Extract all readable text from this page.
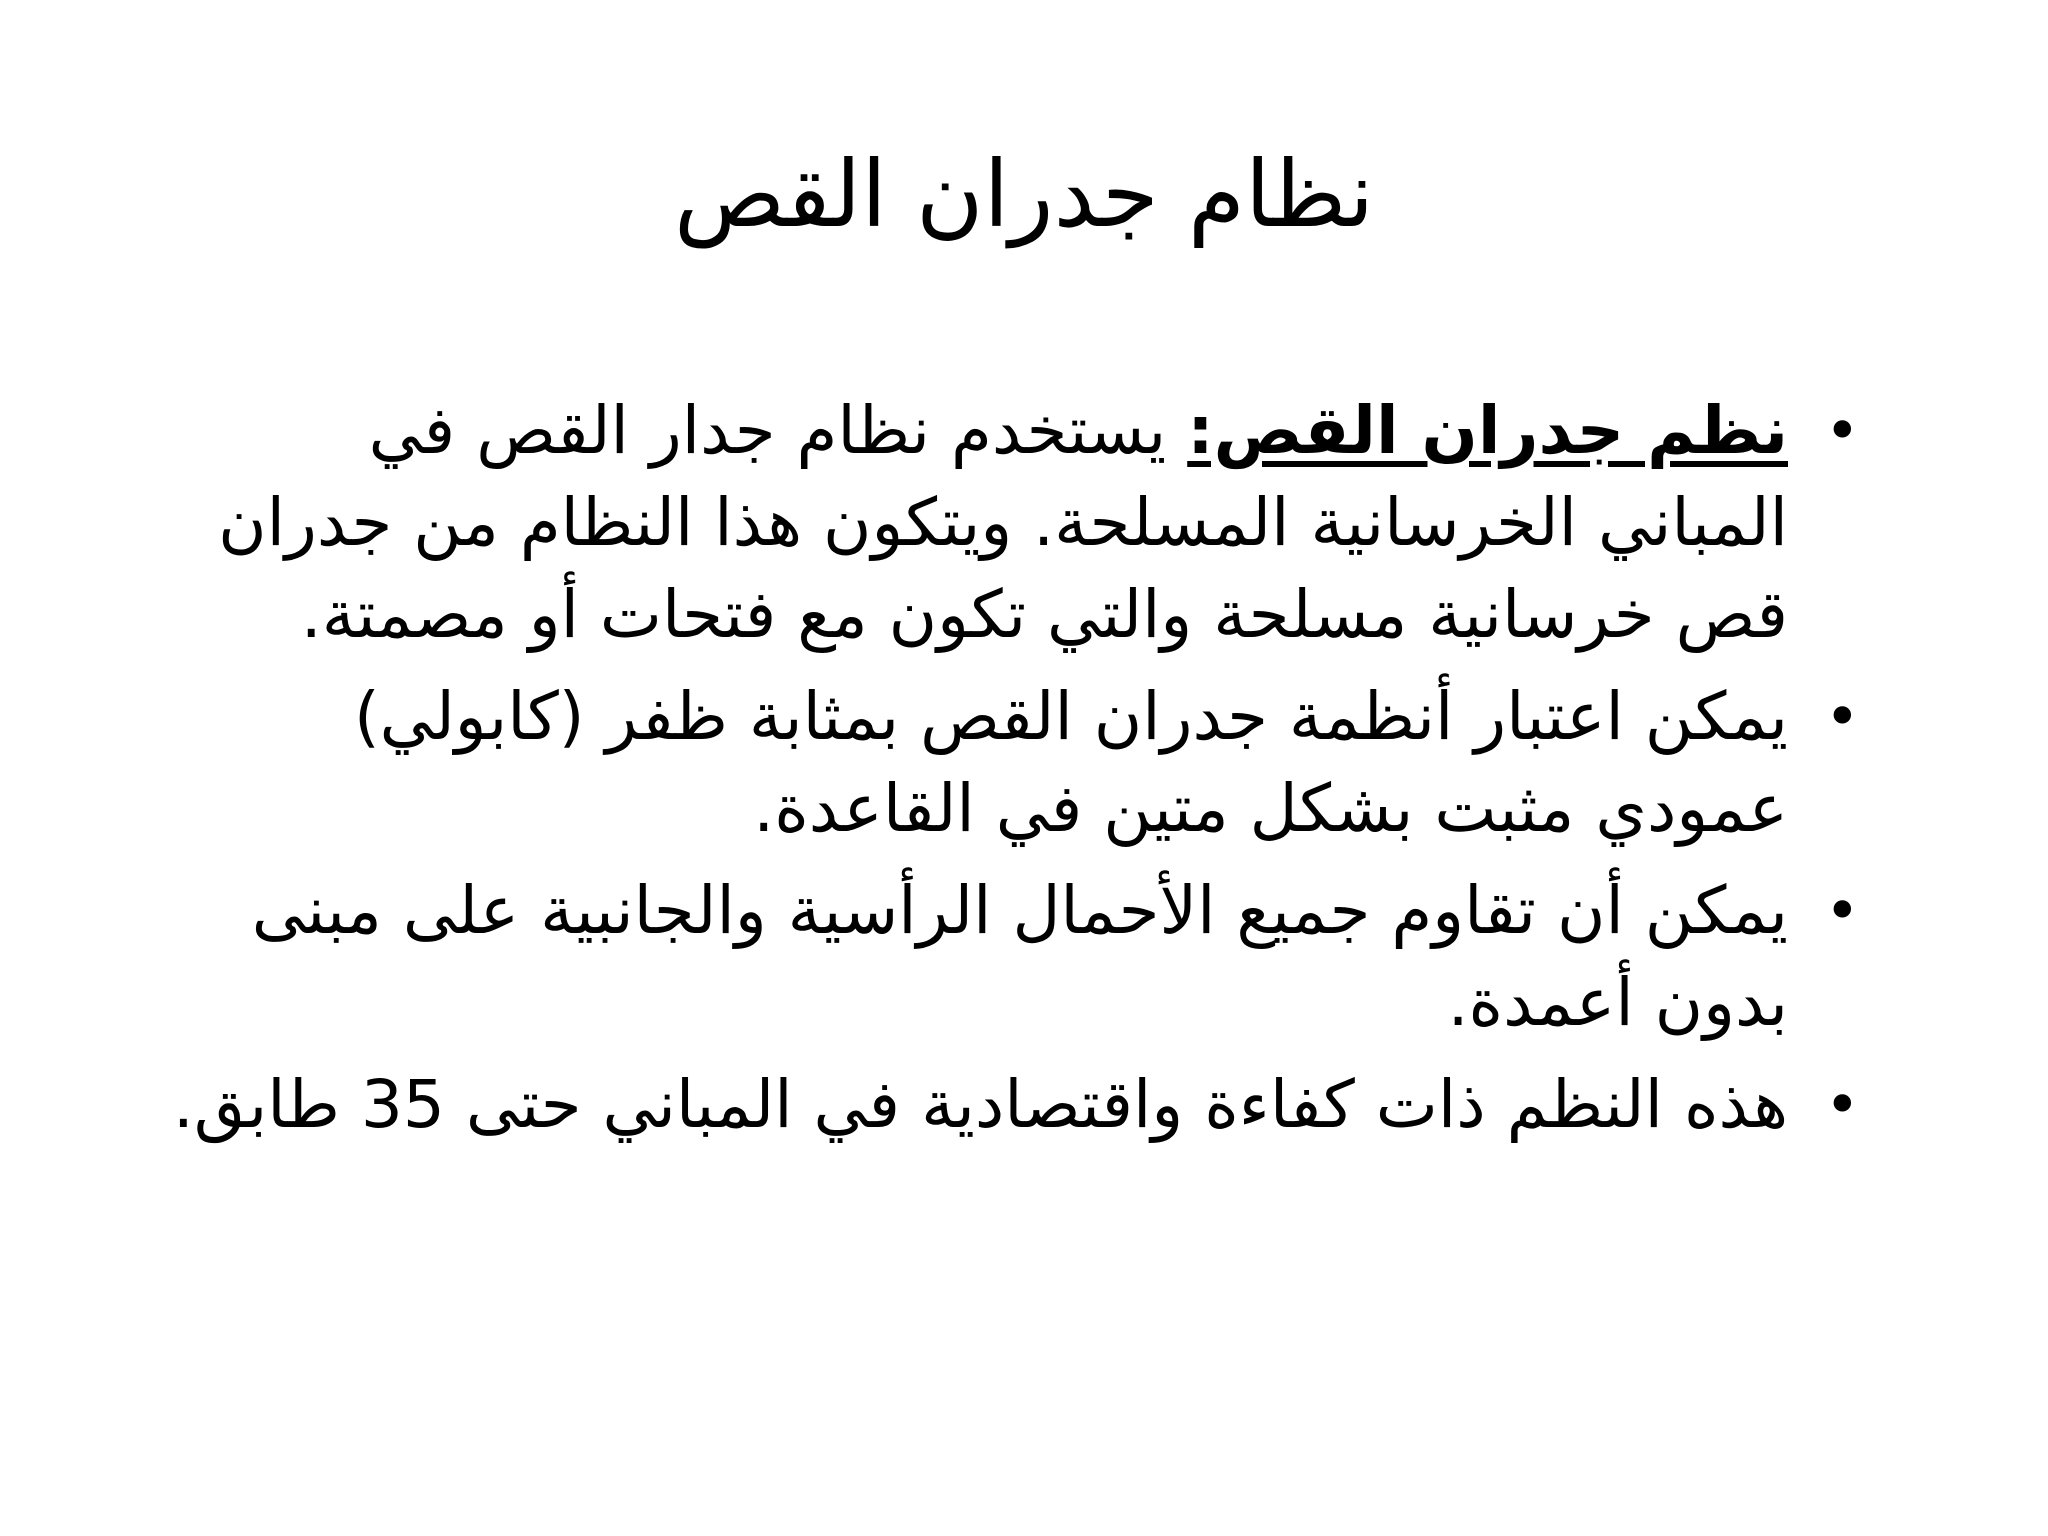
نظام جدران القص
•
نظم جدران القص: يستخدم نظام جدار القص في المباني الخرسانية المسلحة. ويتكون هذا النظام من جدران قص خرسانية مسلحة والتي تكون مع فتحات أو مصمتة.
•
يمكن اعتبار أنظمة جدران القص بمثابة ظفر (كابولي) عمودي مثبت بشكل متين في القاعدة.
•
يمكن أن تقاوم جميع الأحمال الرأسية والجانبية على مبنى بدون أعمدة.
•
هذه النظم ذات كفاءة واقتصادية في المباني حتى 35 طابق.
